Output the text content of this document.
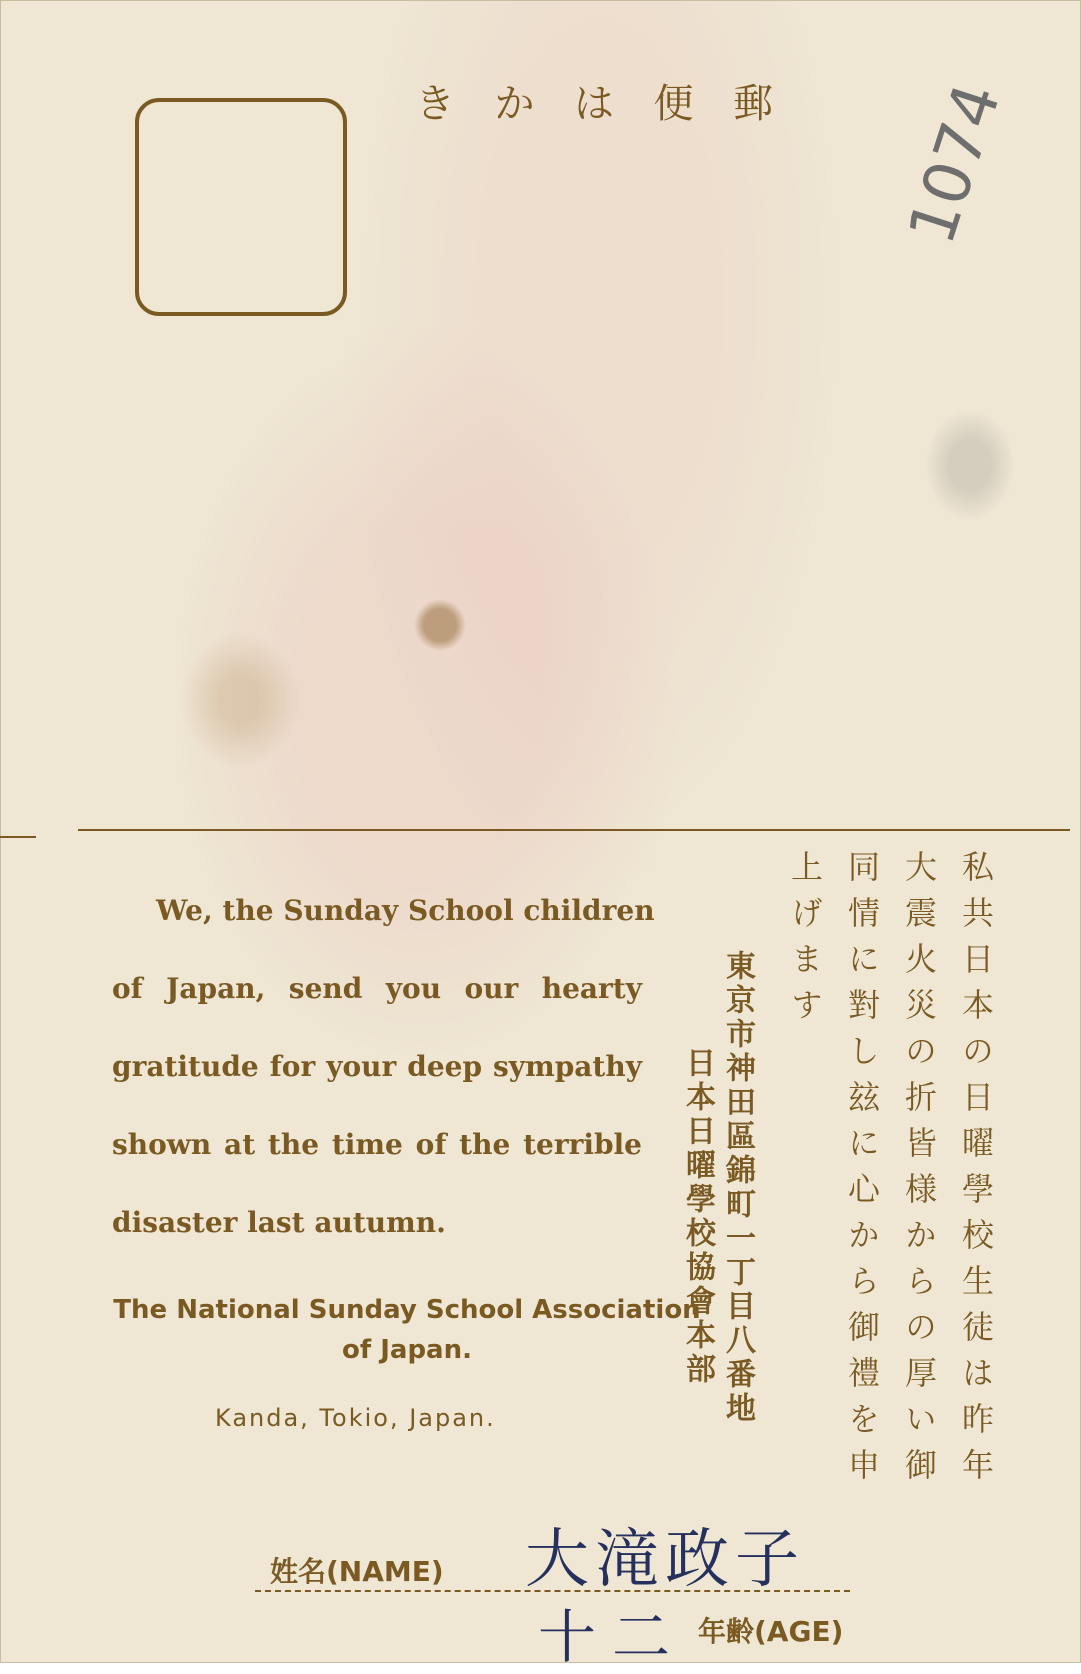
き か は 便 郵 1074
We, the Sunday School children
of Japan, send you our hearty
gratitude for your deep sympathy
shown at the time of the terrible
disaster last autumn.
The National Sunday School Association
of Japan.
Kanda, Tokio, Japan.	私共日本の日曜學校生徒は昨年
大震火災の折皆様からの厚い御
同情に對し玆に心から御禮を申
上げます
東京市神田區錦町一丁目八番地
日本日曜學校協會本部
姓名(NAME) 大滝政子
十二 年齢(AGE)
